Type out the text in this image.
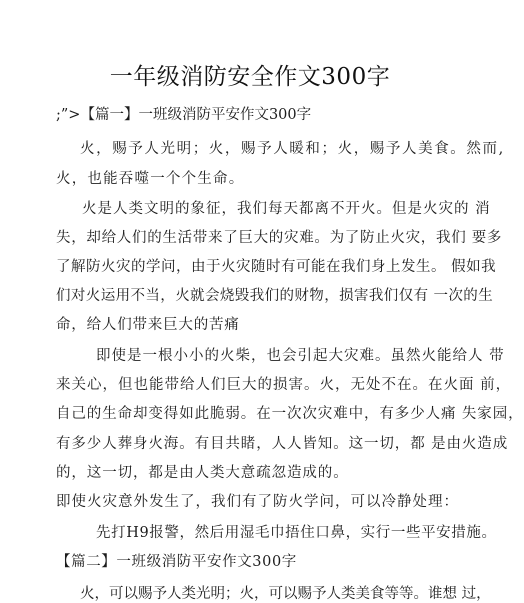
一年级消防安全作文300字
;”>【篇一】一班级消防平安作文300字
火，赐予人光明；火，赐予人暖和；火，赐予人美食。然而,
火，也能吞噬一个个生命。
火是人类文明的象征，我们每天都离不开火。但是火灾的 消
失，却给人们的生活带来了巨大的灾难。为了防止火灾，我们 要多
了解防火灾的学问，由于火灾随时有可能在我们身上发生。 假如我
们对火运用不当，火就会烧毁我们的财物，损害我们仅有 一次的生
命，给人们带来巨大的苦痛
即使是一根小小的火柴，也会引起大灾难。虽然火能给人 带
来关心，但也能带给人们巨大的损害。火，无处不在。在火面 前，
自己的生命却变得如此脆弱。在一次次灾难中，有多少人痛 失家园，
有多少人葬身火海。有目共睹，人人皆知。这一切，都 是由火造成
的，这一切，都是由人类大意疏忽造成的。
即使火灾意外发生了，我们有了防火学问，可以冷静处理：
先打H9报警，然后用湿毛巾捂住口鼻，实行一些平安措施。
【篇二】一班级消防平安作文300字
火，可以赐予人类光明；火，可以赐予人类美食等等。谁想 过，
